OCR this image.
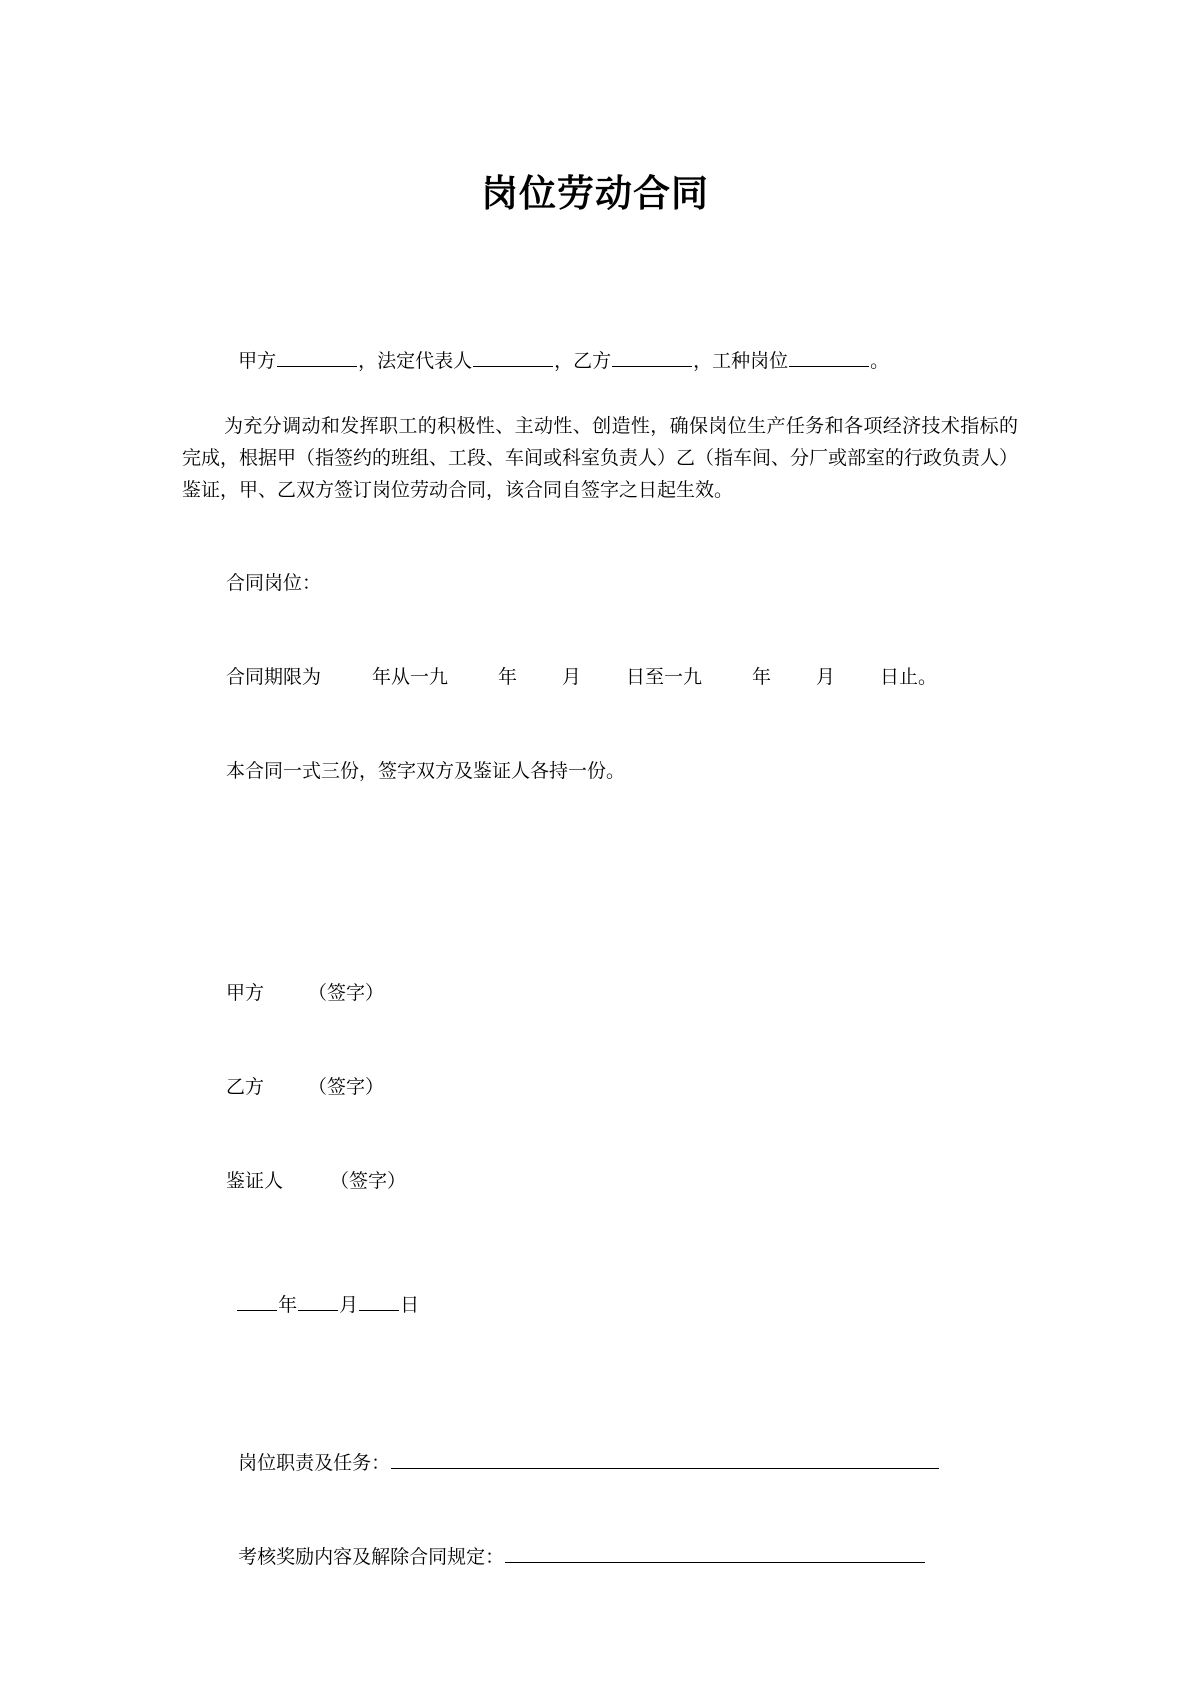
岗位劳动合同

甲方	，法定代表人	，乙方	，工种岗位	。

为充分调动和发挥职工的积极性、主动性、创造性，确保岗位生产任务和各项经济技术指标的完成，根据甲（指签约的班组、工段、车间或科室负责人）乙（指车间、分厂或部室的行政负责人）鉴证，甲、乙双方签订岗位劳动合同，该合同自签字之日起生效。
合同岗位：
合同期限为	年从一九	年 月 日至一九	年 月 日止。
本合同一式三份，签字双方及鉴证人各持一份。
甲方 （签字）
乙方 （签字）
鉴证人 （签字）

年 月 日

岗位职责及任务：

考核奖励内容及解除合同规定：
